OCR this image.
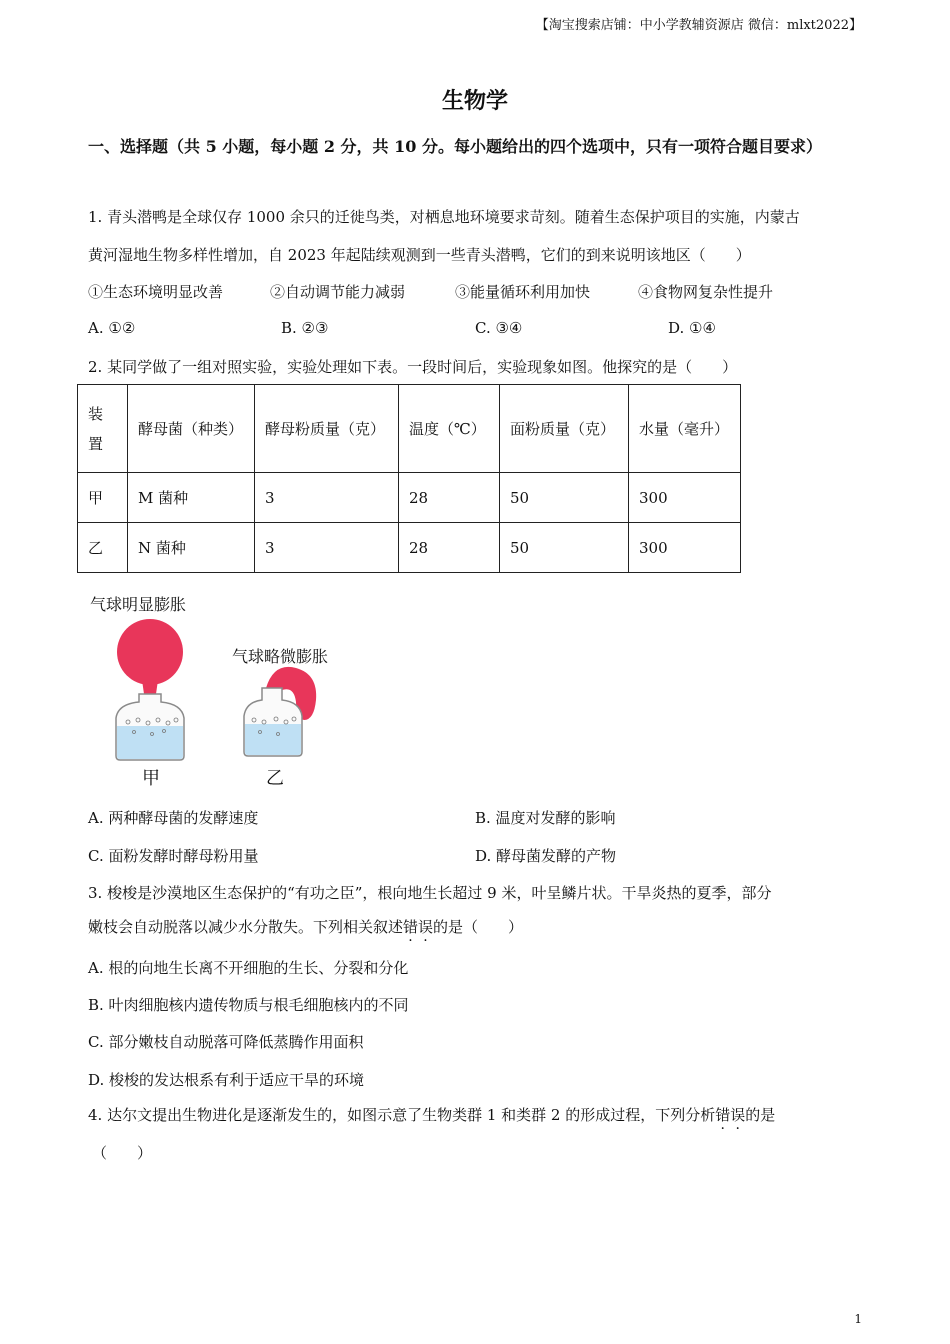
【淘宝搜索店铺：中小学教辅资源店 微信：mlxt2022】
生物学
一、选择题（共 5 小题，每小题 2 分，共 10 分。每小题给出的四个选项中，只有一项符合题目要求）
1. 青头潜鸭是全球仅存 1000 余只的迁徙鸟类，对栖息地环境要求苛刻。随着生态保护项目的实施，内蒙古
黄河湿地生物多样性增加，自 2023 年起陆续观测到一些青头潜鸭，它们的到来说明该地区（　　）
①生态环境明显改善	②自动调节能力减弱	③能量循环利用加快	④食物网复杂性提升
A. ①②	B. ②③	C. ③④	D. ①④
2. 某同学做了一组对照实验，实验处理如下表。一段时间后，实验现象如图。他探究的是（　　）
装置	酵母菌（种类）	酵母粉质量（克）	温度（℃）	面粉质量（克）	水量（毫升）
甲	M 菌种	3	28	50	300
乙	N 菌种	3	28	50	300
气球明显膨胀
气球略微膨胀
甲	乙
A. 两种酵母菌的发酵速度	B. 温度对发酵的影响
C. 面粉发酵时酵母粉用量	D. 酵母菌发酵的产物
3. 梭梭是沙漠地区生态保护的“有功之臣”，根向地生长超过 9 米，叶呈鳞片状。干旱炎热的夏季，部分
嫩枝会自动脱落以减少水分散失。下列相关叙述错误的是（　　）
A. 根的向地生长离不开细胞的生长、分裂和分化
B. 叶肉细胞核内遗传物质与根毛细胞核内的不同
C. 部分嫩枝自动脱落可降低蒸腾作用面积
D. 梭梭的发达根系有利于适应干旱的环境
4. 达尔文提出生物进化是逐渐发生的，如图示意了生物类群 1 和类群 2 的形成过程，下列分析错误的是
（　　）
1
